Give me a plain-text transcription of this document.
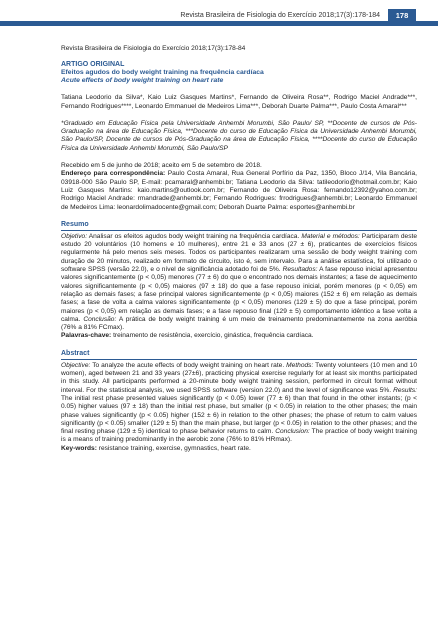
Revista Brasileira de Fisiologia do Exercício 2018;17(3):178-184	178
Revista Brasileira de Fisiologia do Exercício 2018;17(3):178-84
ARTIGO ORIGINAL
Efeitos agudos do body weight training na frequência cardíaca
Acute effects of body weight training on heart rate
Tatiana Leodorio da Silva*, Kaio Luiz Gasques Martins*, Fernando de Oliveira Rosa**, Rodrigo Maciel Andrade***, Fernando Rodrigues****, Leonardo Emmanuel de Medeiros Lima***, Deborah Duarte Palma***, Paulo Costa Amaral***
*Graduado em Educação Física pela Universidade Anhembi Morumbi, São Paulo/ SP, **Docente de cursos de Pós-Graduação na área de Educação Física, ***Docente do curso de Educação Física da Universidade Anhembi Morumbi, São Paulo/SP, Docente de cursos de Pós-Graduação na área de Educação Física, ****Docente do curso de Educação Física da Universidade Anhembi Morumbi, São Paulo/SP
Recebido em 5 de junho de 2018; aceito em 5 de setembro de 2018.
Endereço para correspondência: Paulo Costa Amaral, Rua General Porfírio da Paz, 1350, Bloco J/14, Vila Bancária, 03918-000 São Paulo SP, E-mail: pcamaral@anhembi.br; Tatiana Leodorio da Silva: tatileodorio@hotmail.com.br; Kaio Luiz Gasques Martins: kaio.martins@outlook.com.br; Fernando de Oliveira Rosa: fernando12392@yahoo.com.br; Rodrigo Maciel Andrade: rmandrade@anhembi.br; Fernando Rodrigues: frrodrigues@anhembi.br; Leonardo Emmanuel de Medeiros Lima: leonardolimadocente@gmail.com; Deborah Duarte Palma: esportes@anhembi.br
Resumo

Objetivo: Analisar os efeitos agudos body weight training na frequência cardíaca. Material e métodos: Participaram deste estudo 20 voluntários (10 homens e 10 mulheres), entre 21 e 33 anos (27 ± 6), praticantes de exercícios físicos regularmente há pelo menos seis meses. Todos os participantes realizaram uma sessão de body weight training com duração de 20 minutos, realizado em formato de circuito, isto é, sem intervalo. Para a análise estatística, foi utilizado o software SPSS (versão 22.0), e o nível de significância adotado foi de 5%. Resultados: A fase repouso inicial apresentou valores significantemente (p < 0,05) menores (77 ± 6) do que o encontrado nos demais instantes; a fase de aquecimento valores significantemente (p < 0,05) maiores (97 ± 18) do que a fase repouso inicial, porém menores (p < 0,05) em relação as demais fases; a fase principal valores significantemente (p < 0,05) maiores (152 ± 6) em relação as demais fases; a fase de volta a calma valores significantemente (p < 0,05) menores (129 ± 5) do que a fase principal, porém maiores (p < 0,05) em relação as demais fases; e a fase repouso final (129 ± 5) comportamento idêntico a fase volta a calma. Conclusão: A prática de body weight training é um meio de treinamento predominantemente na zona aeróbia (76% a 81% FCmax).

Palavras-chave: treinamento de resistência, exercício, ginástica, frequência cardíaca.
Abstract

Objective: To analyze the acute effects of body weight training on heart rate. Methods: Twenty volunteers (10 men and 10 women), aged between 21 and 33 years (27±6), practicing physical exercise regularly for at least six months participated in this study. All participants performed a 20-minute body weight training session, performed in circuit format without interval. For the statistical analysis, we used SPSS software (version 22.0) and the level of significance was 5%. Results: The initial rest phase presented values significantly (p < 0.05) lower (77 ± 6) than that found in the other instants; (p < 0.05) higher values (97 ± 18) than the initial rest phase, but smaller (p < 0.05) in relation to the other phases; the main phase values significantly (p < 0.05) higher (152 ± 6) in relation to the other phases; the phase of return to calm values significantly (p < 0.05) smaller (129 ± 5) than the main phase, but larger (p < 0.05) in relation to the other phases; and the final resting phase (129 ± 5) identical to phase behavior returns to calm. Conclusion: The practice of body weight training is a means of training predominantly in the aerobic zone (76% to 81% HRmax).

Key-words: resistance training, exercise, gymnastics, heart rate.
